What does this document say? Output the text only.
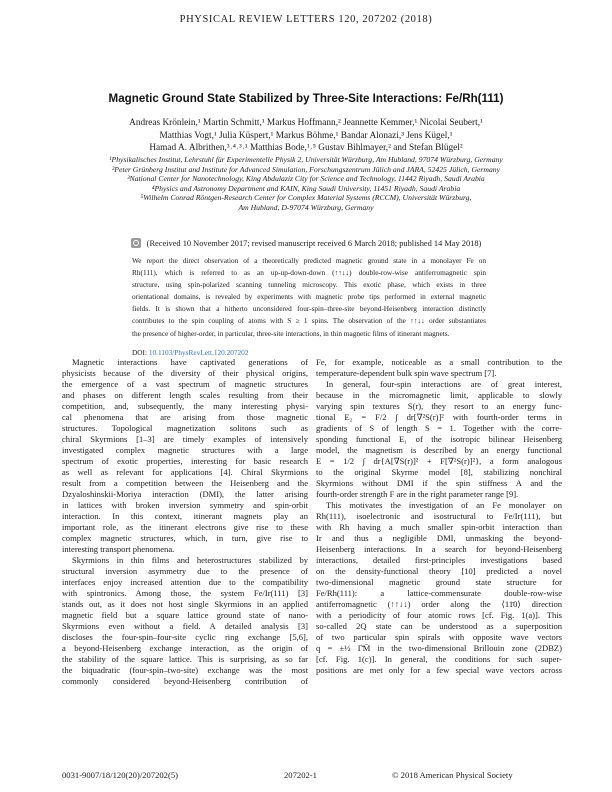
PHYSICAL REVIEW LETTERS 120, 207202 (2018)
Magnetic Ground State Stabilized by Three-Site Interactions: Fe/Rh(111)
Andreas Krönlein,¹ Martin Schmitt,¹ Markus Hoffmann,² Jeannette Kemmer,¹ Nicolai Seubert,¹
Matthias Vogt,¹ Julia Küspert,¹ Markus Böhme,¹ Bandar Alonazi,³ Jens Kügel,¹
Hamad A. Albrithen,³˒⁴˒³˒¹ Matthias Bode,¹˒⁵ Gustav Bihlmayer,² and Stefan Blügel²
¹Physikalisches Institut, Lehrstuhl für Experimentelle Physik 2, Universität Würzburg, Am Hubland, 97074 Würzburg, Germany
²Peter Grünberg Institut and Institute for Advanced Simulation, Forschungszentrum Jülich and JARA, 52425 Jülich, Germany
³National Center for Nanotechnology, King Abdulaziz City for Science and Technology, 11442 Riyadh, Saudi Arabia
⁴Physics and Astronomy Department and KAIN, King Saudi University, 11451 Riyadh, Saudi Arabia
⁵Wilhelm Conrad Röntgen-Research Center for Complex Material Systems (RCCM), Universität Würzburg,
Am Hubland, D-97074 Würzburg, Germany
(Received 10 November 2017; revised manuscript received 6 March 2018; published 14 May 2018)
We report the direct observation of a theoretically predicted magnetic ground state in a monolayer Fe on
Rh(111), which is referred to as an up-up-down-down (↑↑↓↓) double-row-wise antiferromagnetic spin
structure, using spin-polarized scanning tunneling microscopy. This exotic phase, which exists in three
orientational domains, is revealed by experiments with magnetic probe tips performed in external magnetic
fields. It is shown that a hitherto unconsidered four-spin–three-site beyond-Heisenberg interaction distinctly
contributes to the spin coupling of atoms with S ≥ 1 spins. The observation of the ↑↑↓↓ order substantiates
the presence of higher-order, in particular, three-site interactions, in thin magnetic films of itinerant magnets.
DOI: 10.1103/PhysRevLett.120.207202
Magnetic interactions have captivated generations of
physicists because of the diversity of their physical origins,
the emergence of a vast spectrum of magnetic structures
and phases on different length scales resulting from their
competition, and, subsequently, the many interesting physi-
cal phenomena that are arising from those magnetic
structures. Topological magnetization solitons such as
chiral Skyrmions [1–3] are timely examples of intensively
investigated complex magnetic structures with a large
spectrum of exotic properties, interesting for basic research
as well as relevant for applications [4]. Chiral Skyrmions
result from a competition between the Heisenberg and the
Dzyaloshinskii-Moriya interaction (DMI), the latter arising
in lattices with broken inversion symmetry and spin-orbit
interaction. In this context, itinerant magnets play an
important role, as the itinerant electrons give rise to these
complex magnetic structures, which, in turn, give rise to
interesting transport phenomena.
Skyrmions in thin films and heterostructures stabilized by
structural inversion asymmetry due to the presence of
interfaces enjoy increased attention due to the compatibility
with spintronics. Among those, the system Fe/Ir(111) [3]
stands out, as it does not host single Skyrmions in an applied
magnetic field but a square lattice ground state of nano-
Skyrmions even without a field. A detailed analysis [3]
discloses the four-spin–four-site cyclic ring exchange [5,6],
a beyond-Heisenberg exchange interaction, as the origin of
the stability of the square lattice. This is surprising, as so far
the biquadratic (four-spin–two-site) exchange was the most
commonly considered beyond-Heisenberg contribution of
Fe, for example, noticeable as a small contribution to the
temperature-dependent bulk spin wave spectrum [7].
In general, four-spin interactions are of great interest,
because in the micromagnetic limit, applicable to slowly
varying spin textures S(r), they resort to an energy func-
tional E₂ = F/2 ∫ dr[∇²S(r)]² with fourth-order terms in
gradients of S of length S = 1. Together with the corre-
sponding functional E₁ of the isotropic bilinear Heisenberg
model, the magnetism is described by an energy functional
E = 1/2 ∫ dr{A[∇S(r)]² + F[∇²S(r)]²}, a form analogous
to the original Skyrme model [8], stabilizing nonchiral
Skyrmions without DMI if the spin stiffness A and the
fourth-order strength F are in the right parameter range [9].
This motivates the investigation of an Fe monolayer on
Rh(111), isoelectronic and isostructural to Fe/Ir(111), but
with Rh having a much smaller spin-orbit interaction than
Ir and thus a negligible DMI, unmasking the beyond-
Heisenberg interactions. In a search for beyond-Heisenberg
interactions, detailed first-principles investigations based
on the density-functional theory [10] predicted a novel
two-dimensional magnetic ground state structure for
Fe/Rh(111): a lattice-commensurate double-row-wise
antiferromagnetic (↑↑↓↓) order along the ⟨11̄0⟩ direction
with a periodicity of four atomic rows [cf. Fig. 1(a)]. This
so-called 2Q state can be understood as a superposition
of two particular spin spirals with opposite wave vectors
q = ±½ Γ̄M̄ in the two-dimensional Brillouin zone (2DBZ)
[cf. Fig. 1(c)]. In general, the conditions for such super-
positions are met only for a few special wave vectors across
0031-9007/18/120(20)/207202(5)	207202-1	© 2018 American Physical Society
